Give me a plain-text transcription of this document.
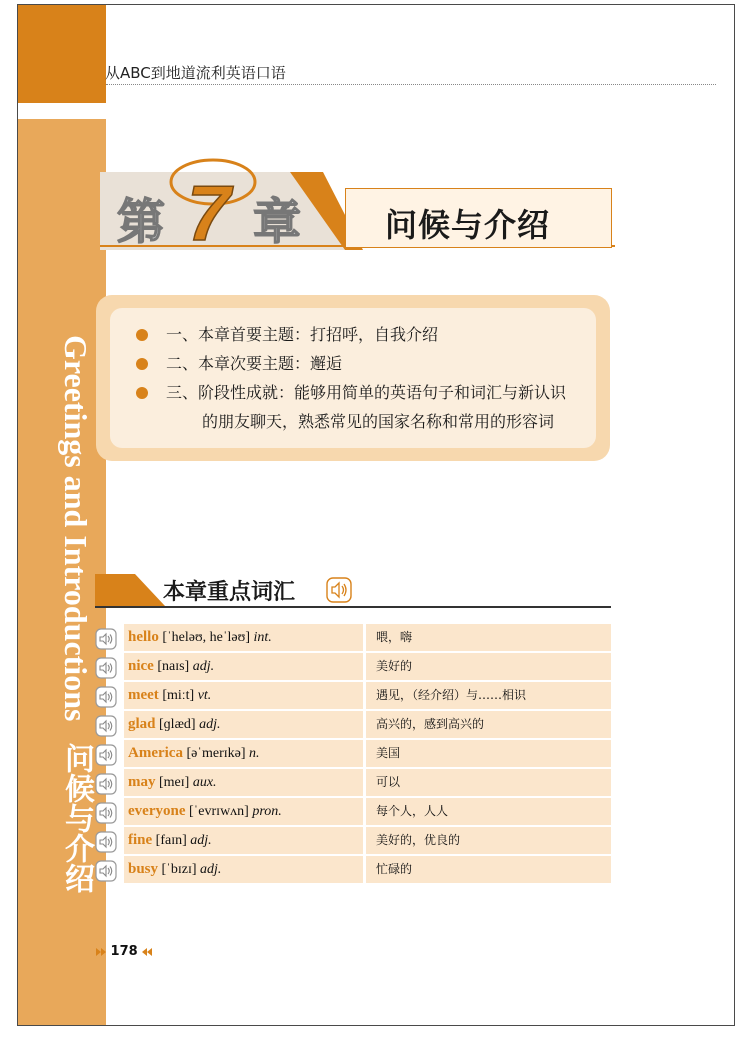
Greetings and Introductions 问候与介绍
从ABC到地道流利英语口语
第 7 章	问候与介绍
一、本章首要主题：打招呼，自我介绍
二、本章次要主题：邂逅
三、阶段性成就：能够用简单的英语句子和词汇与新认识
的朋友聊天，熟悉常见的国家名称和常用的形容词
本章重点词汇
hello [ˈheləʊ, heˈləʊ] int.	喂，嗨
nice [naɪs] adj.	美好的
meet [miːt] vt.	遇见，（经介绍）与……相识
glad [ɡlæd] adj.	高兴的，感到高兴的
America [əˈmerɪkə] n.	美国
may [meɪ] aux.	可以
everyone [ˈevrɪwʌn] pron.	每个人，人人
fine [faɪn] adj.	美好的，优良的
busy [ˈbɪzɪ] adj.	忙碌的
178
